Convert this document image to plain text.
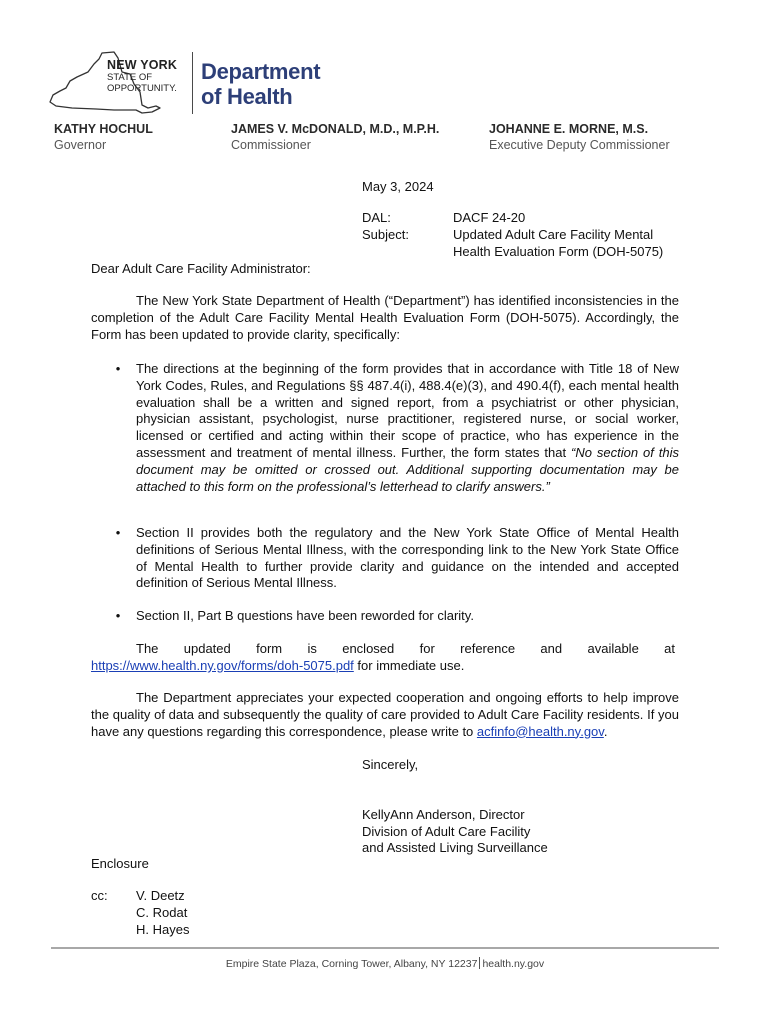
NEW YORK
STATE OF
OPPORTUNITY.
Department
of Health
KATHY HOCHUL
Governor
JAMES V. McDONALD, M.D., M.P.H.
Commissioner
JOHANNE E. MORNE, M.S.
Executive Deputy Commissioner
May 3, 2024
DAL:	DACF 24-20
Subject:	Updated Adult Care Facility Mental
Health Evaluation Form (DOH-5075)
Dear Adult Care Facility Administrator:
The New York State Department of Health (“Department”) has identified inconsistencies in the completion of the Adult Care Facility Mental Health Evaluation Form (DOH-5075). Accordingly, the Form has been updated to provide clarity, specifically:
• The directions at the beginning of the form provides that in accordance with Title 18 of New York Codes, Rules, and Regulations §§ 487.4(i), 488.4(e)(3), and 490.4(f), each mental health evaluation shall be a written and signed report, from a psychiatrist or other physician, physician assistant, psychologist, nurse practitioner, registered nurse, or social worker, licensed or certified and acting within their scope of practice, who has experience in the assessment and treatment of mental illness. Further, the form states that “No section of this document may be omitted or crossed out. Additional supporting documentation may be attached to this form on the professional’s letterhead to clarify answers.”
• Section II provides both the regulatory and the New York State Office of Mental Health definitions of Serious Mental Illness, with the corresponding link to the New York State Office of Mental Health to further provide clarity and guidance on the intended and accepted definition of Serious Mental Illness.
• Section II, Part B questions have been reworded for clarity.
The updated form is enclosed for reference and available at
https://www.health.ny.gov/forms/doh-5075.pdf for immediate use.
The Department appreciates your expected cooperation and ongoing efforts to help improve the quality of data and subsequently the quality of care provided to Adult Care Facility residents. If you have any questions regarding this correspondence, please write to acfinfo@health.ny.gov.
Sincerely,
KellyAnn Anderson, Director
Division of Adult Care Facility
and Assisted Living Surveillance
Enclosure
cc: V. Deetz
C. Rodat
H. Hayes
Empire State Plaza, Corning Tower, Albany, NY 12237 health.ny.gov
